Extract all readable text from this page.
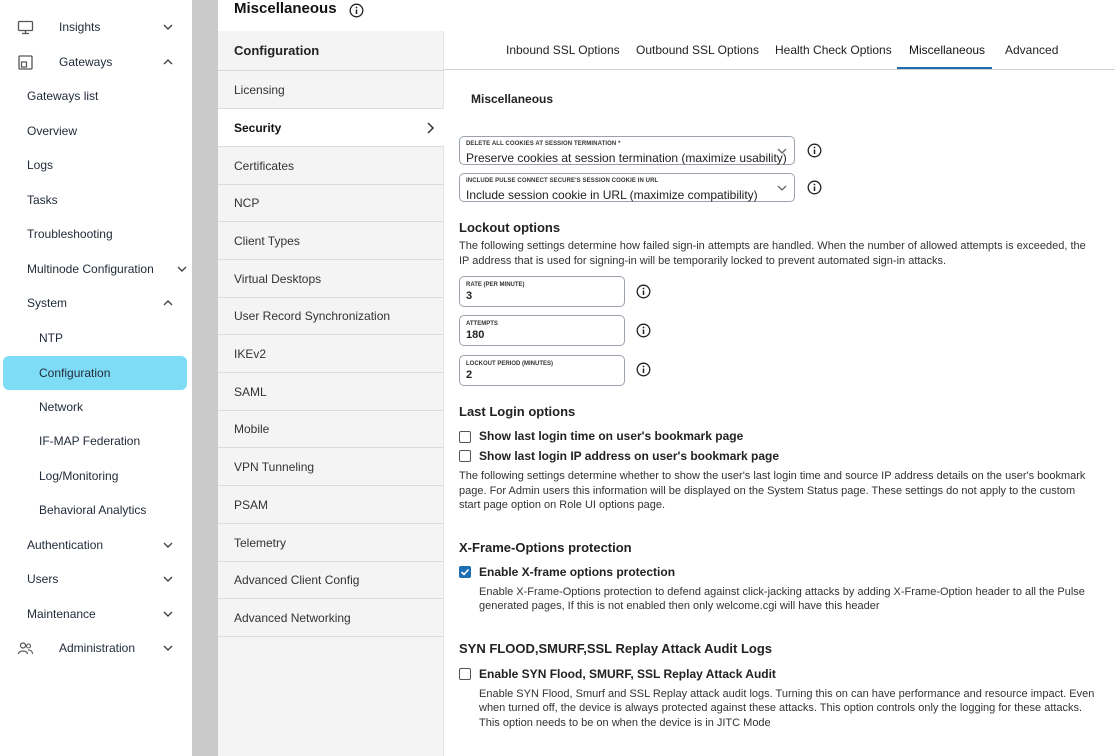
Insights
Gateways
Gateways list
Overview
Logs
Tasks
Troubleshooting
Multinode Configuration
System
NTP
Configuration
Network
IF-MAP Federation
Log/Monitoring
Behavioral Analytics
Authentication
Users
Maintenance
Administration
Miscellaneous
Configuration
Licensing
Security
Certificates
NCP
Client Types
Virtual Desktops
User Record Synchronization
IKEv2
SAML
Mobile
VPN Tunneling
PSAM
Telemetry
Advanced Client Config
Advanced Networking
Inbound SSL Options Outbound SSL Options Health Check Options Miscellaneous Advanced
Miscellaneous
DELETE ALL COOKIES AT SESSION TERMINATION *
Preserve cookies at session termination (maximize usability)
INCLUDE PULSE CONNECT SECURE'S SESSION COOKIE IN URL
Include session cookie in URL (maximize compatibility)
Lockout options
The following settings determine how failed sign-in attempts are handled. When the number of allowed attempts is exceeded, the
IP address that is used for signing-in will be temporarily locked to prevent automated sign-in attacks.
RATE (PER MINUTE)
3
ATTEMPTS
180
LOCKOUT PERIOD (MINUTES)
2
Last Login options
Show last login time on user's bookmark page
Show last login IP address on user's bookmark page
The following settings determine whether to show the user's last login time and source IP address details on the user's bookmark
page. For Admin users this information will be displayed on the System Status page. These settings do not apply to the custom
start page option on Role UI options page.
X-Frame-Options protection
Enable X-frame options protection
Enable X-Frame-Options protection to defend against click-jacking attacks by adding X-Frame-Option header to all the Pulse
generated pages, If this is not enabled then only welcome.cgi will have this header
SYN FLOOD,SMURF,SSL Replay Attack Audit Logs
Enable SYN Flood, SMURF, SSL Replay Attack Audit
Enable SYN Flood, Smurf and SSL Replay attack audit logs. Turning this on can have performance and resource impact. Even
when turned off, the device is always protected against these attacks. This option controls only the logging for these attacks.
This option needs to be on when the device is in JITC Mode
